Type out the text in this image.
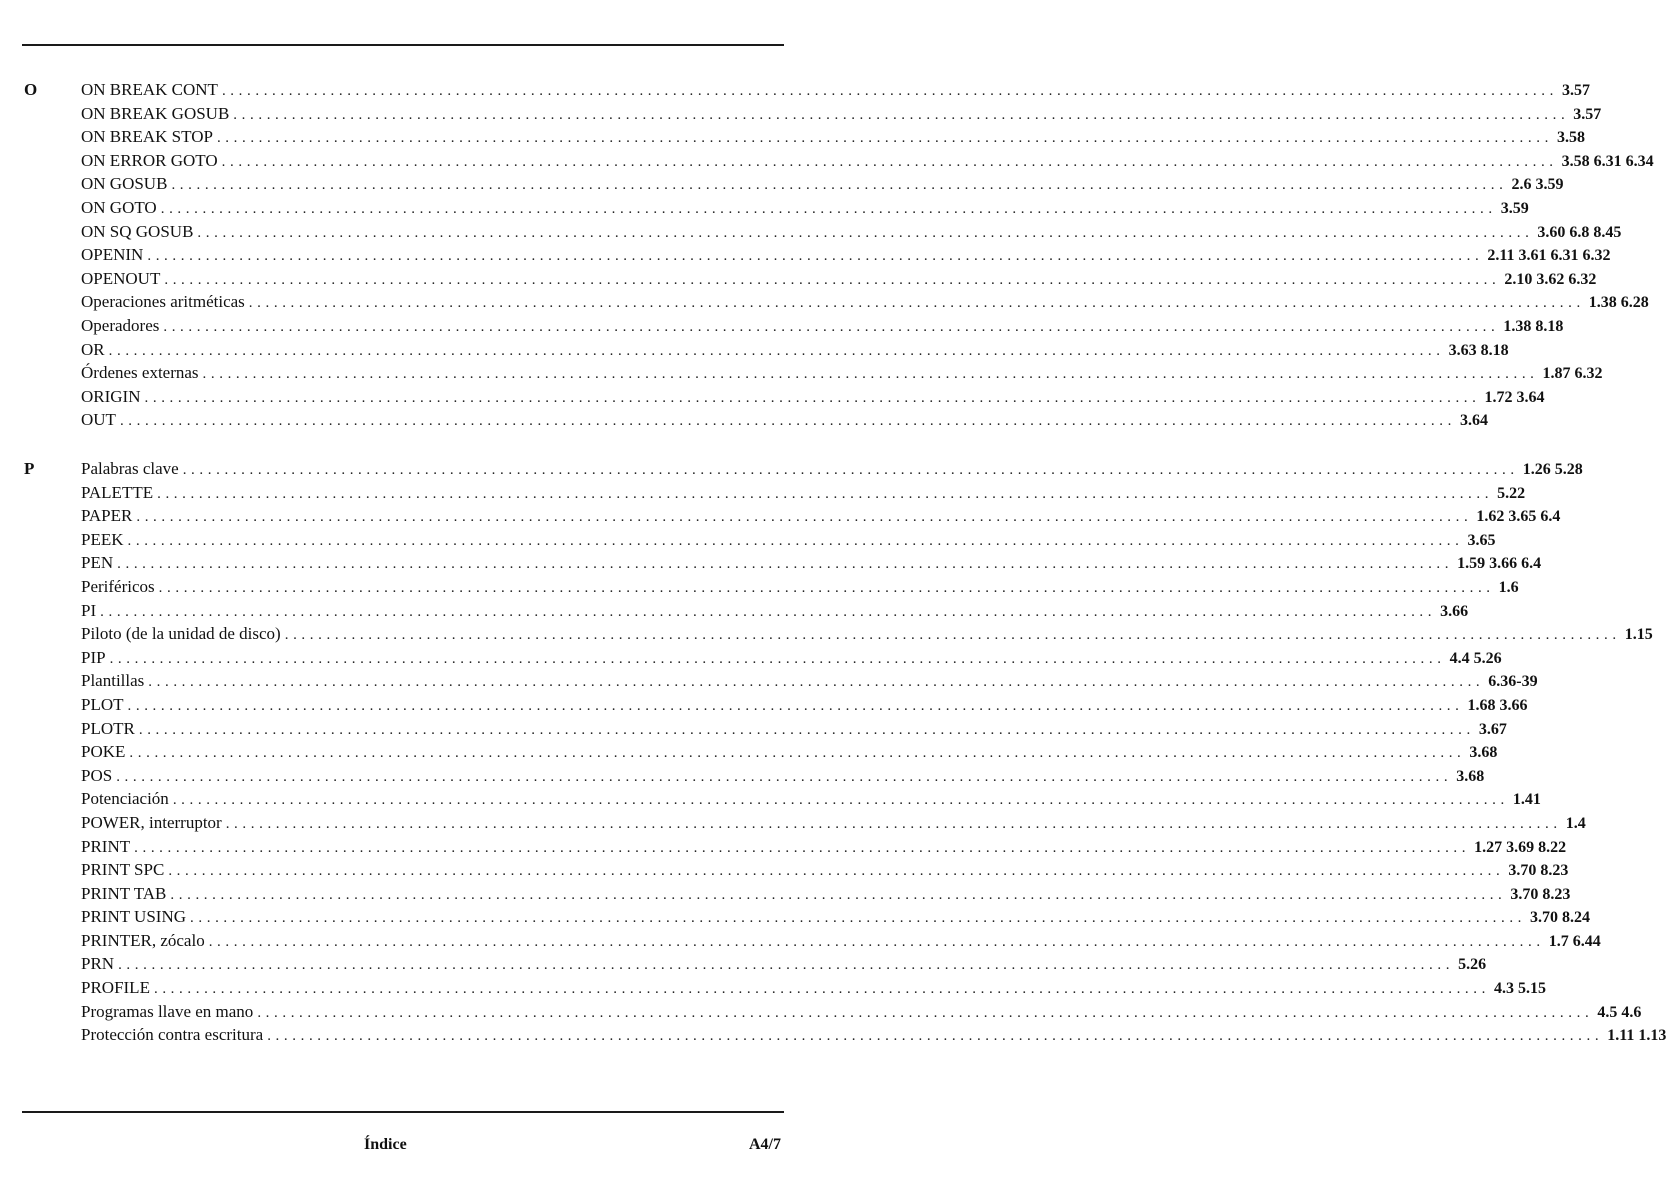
O	ON BREAK CONT ................................................................................................................................................................ 3.57
ON BREAK GOSUB ................................................................................................................................................................ 3.57
ON BREAK STOP ................................................................................................................................................................ 3.58
ON ERROR GOTO ................................................................................................................................................................ 3.58 6.31 6.34
ON GOSUB ................................................................................................................................................................ 2.6 3.59
ON GOTO ................................................................................................................................................................ 3.59
ON SQ GOSUB ................................................................................................................................................................ 3.60 6.8 8.45
OPENIN ................................................................................................................................................................ 2.11 3.61 6.31 6.32
OPENOUT ................................................................................................................................................................ 2.10 3.62 6.32
Operaciones aritméticas ................................................................................................................................................................ 1.38 6.28
Operadores ................................................................................................................................................................ 1.38 8.18
OR ................................................................................................................................................................ 3.63 8.18
Órdenes externas ................................................................................................................................................................ 1.87 6.32
ORIGIN ................................................................................................................................................................ 1.72 3.64
OUT ................................................................................................................................................................ 3.64
P	Palabras clave ................................................................................................................................................................ 1.26 5.28
PALETTE ................................................................................................................................................................ 5.22
PAPER ................................................................................................................................................................ 1.62 3.65 6.4
PEEK ................................................................................................................................................................ 3.65
PEN ................................................................................................................................................................ 1.59 3.66 6.4
Periféricos ................................................................................................................................................................ 1.6
PI ................................................................................................................................................................ 3.66
Piloto (de la unidad de disco) ................................................................................................................................................................ 1.15
PIP ................................................................................................................................................................ 4.4 5.26
Plantillas ................................................................................................................................................................ 6.36-39
PLOT ................................................................................................................................................................ 1.68 3.66
PLOTR ................................................................................................................................................................ 3.67
POKE ................................................................................................................................................................ 3.68
POS ................................................................................................................................................................ 3.68
Potenciación ................................................................................................................................................................ 1.41
POWER, interruptor ................................................................................................................................................................ 1.4
PRINT ................................................................................................................................................................ 1.27 3.69 8.22
PRINT SPC ................................................................................................................................................................ 3.70 8.23
PRINT TAB ................................................................................................................................................................ 3.70 8.23
PRINT USING ................................................................................................................................................................ 3.70 8.24
PRINTER, zócalo ................................................................................................................................................................ 1.7 6.44
PRN ................................................................................................................................................................ 5.26
PROFILE ................................................................................................................................................................ 4.3 5.15
Programas llave en mano ................................................................................................................................................................ 4.5 4.6
Protección contra escritura ................................................................................................................................................................ 1.11 1.13
Índice	A4/7
